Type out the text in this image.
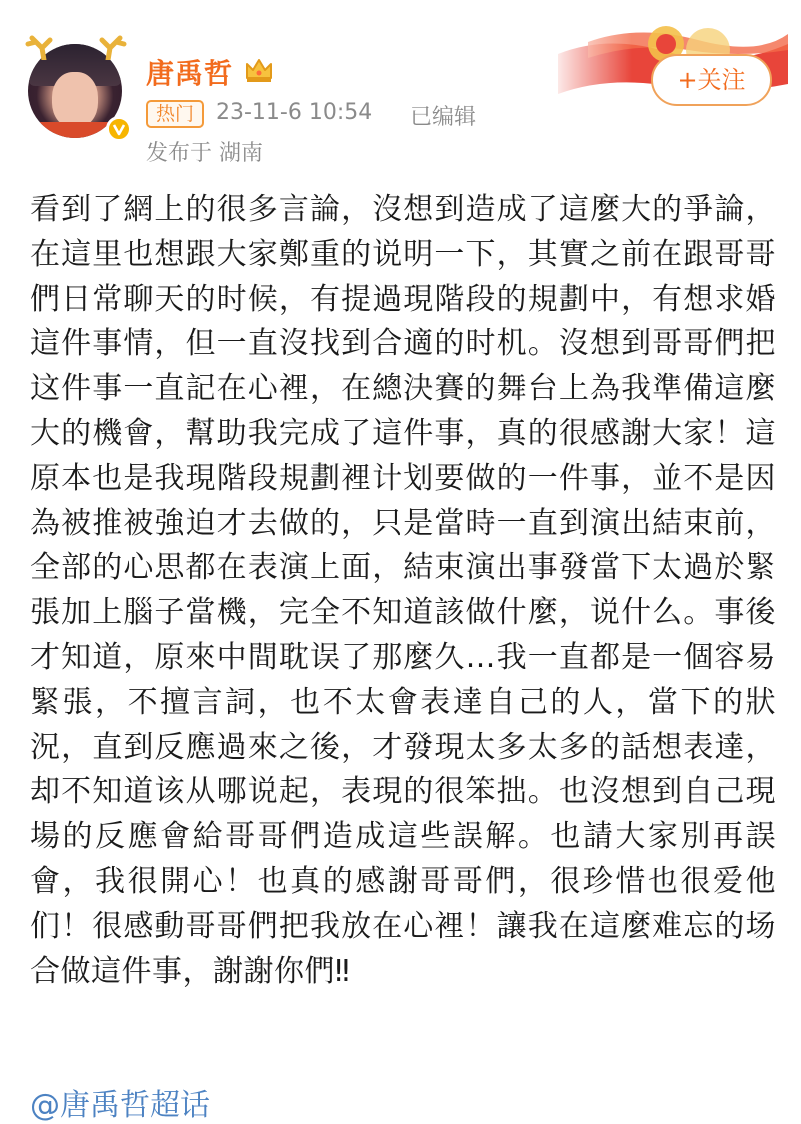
唐禹哲
热门 23-11-6 10:54 已编辑
发布于 湖南
+关注

看到了網上的很多言論，沒想到造成了這麼大的爭論，在這里也想跟大家鄭重的说明一下，其實之前在跟哥哥們日常聊天的时候，有提過現階段的規劃中，有想求婚這件事情，但一直沒找到合適的时机。沒想到哥哥們把这件事一直記在心裡，在總決賽的舞台上為我準備這麼大的機會，幫助我完成了這件事，真的很感謝大家！這原本也是我現階段規劃裡计划要做的一件事，並不是因為被推被強迫才去做的，只是當時一直到演出結束前，全部的心思都在表演上面，結束演出事發當下太過於緊張加上腦子當機，完全不知道該做什麼，说什么。事後才知道，原來中間耽误了那麼久…我一直都是一個容易緊張，不擅言詞，也不太會表達自己的人，當下的狀況，直到反應過來之後，才發現太多太多的話想表達，却不知道该从哪说起，表現的很笨拙。也沒想到自己現場的反應會給哥哥們造成這些誤解。也請大家別再誤會，我很開心！也真的感謝哥哥們，很珍惜也很爱他们！很感動哥哥們把我放在心裡！讓我在這麼难忘的场合做這件事，謝謝你們‼

@唐禹哲超话
